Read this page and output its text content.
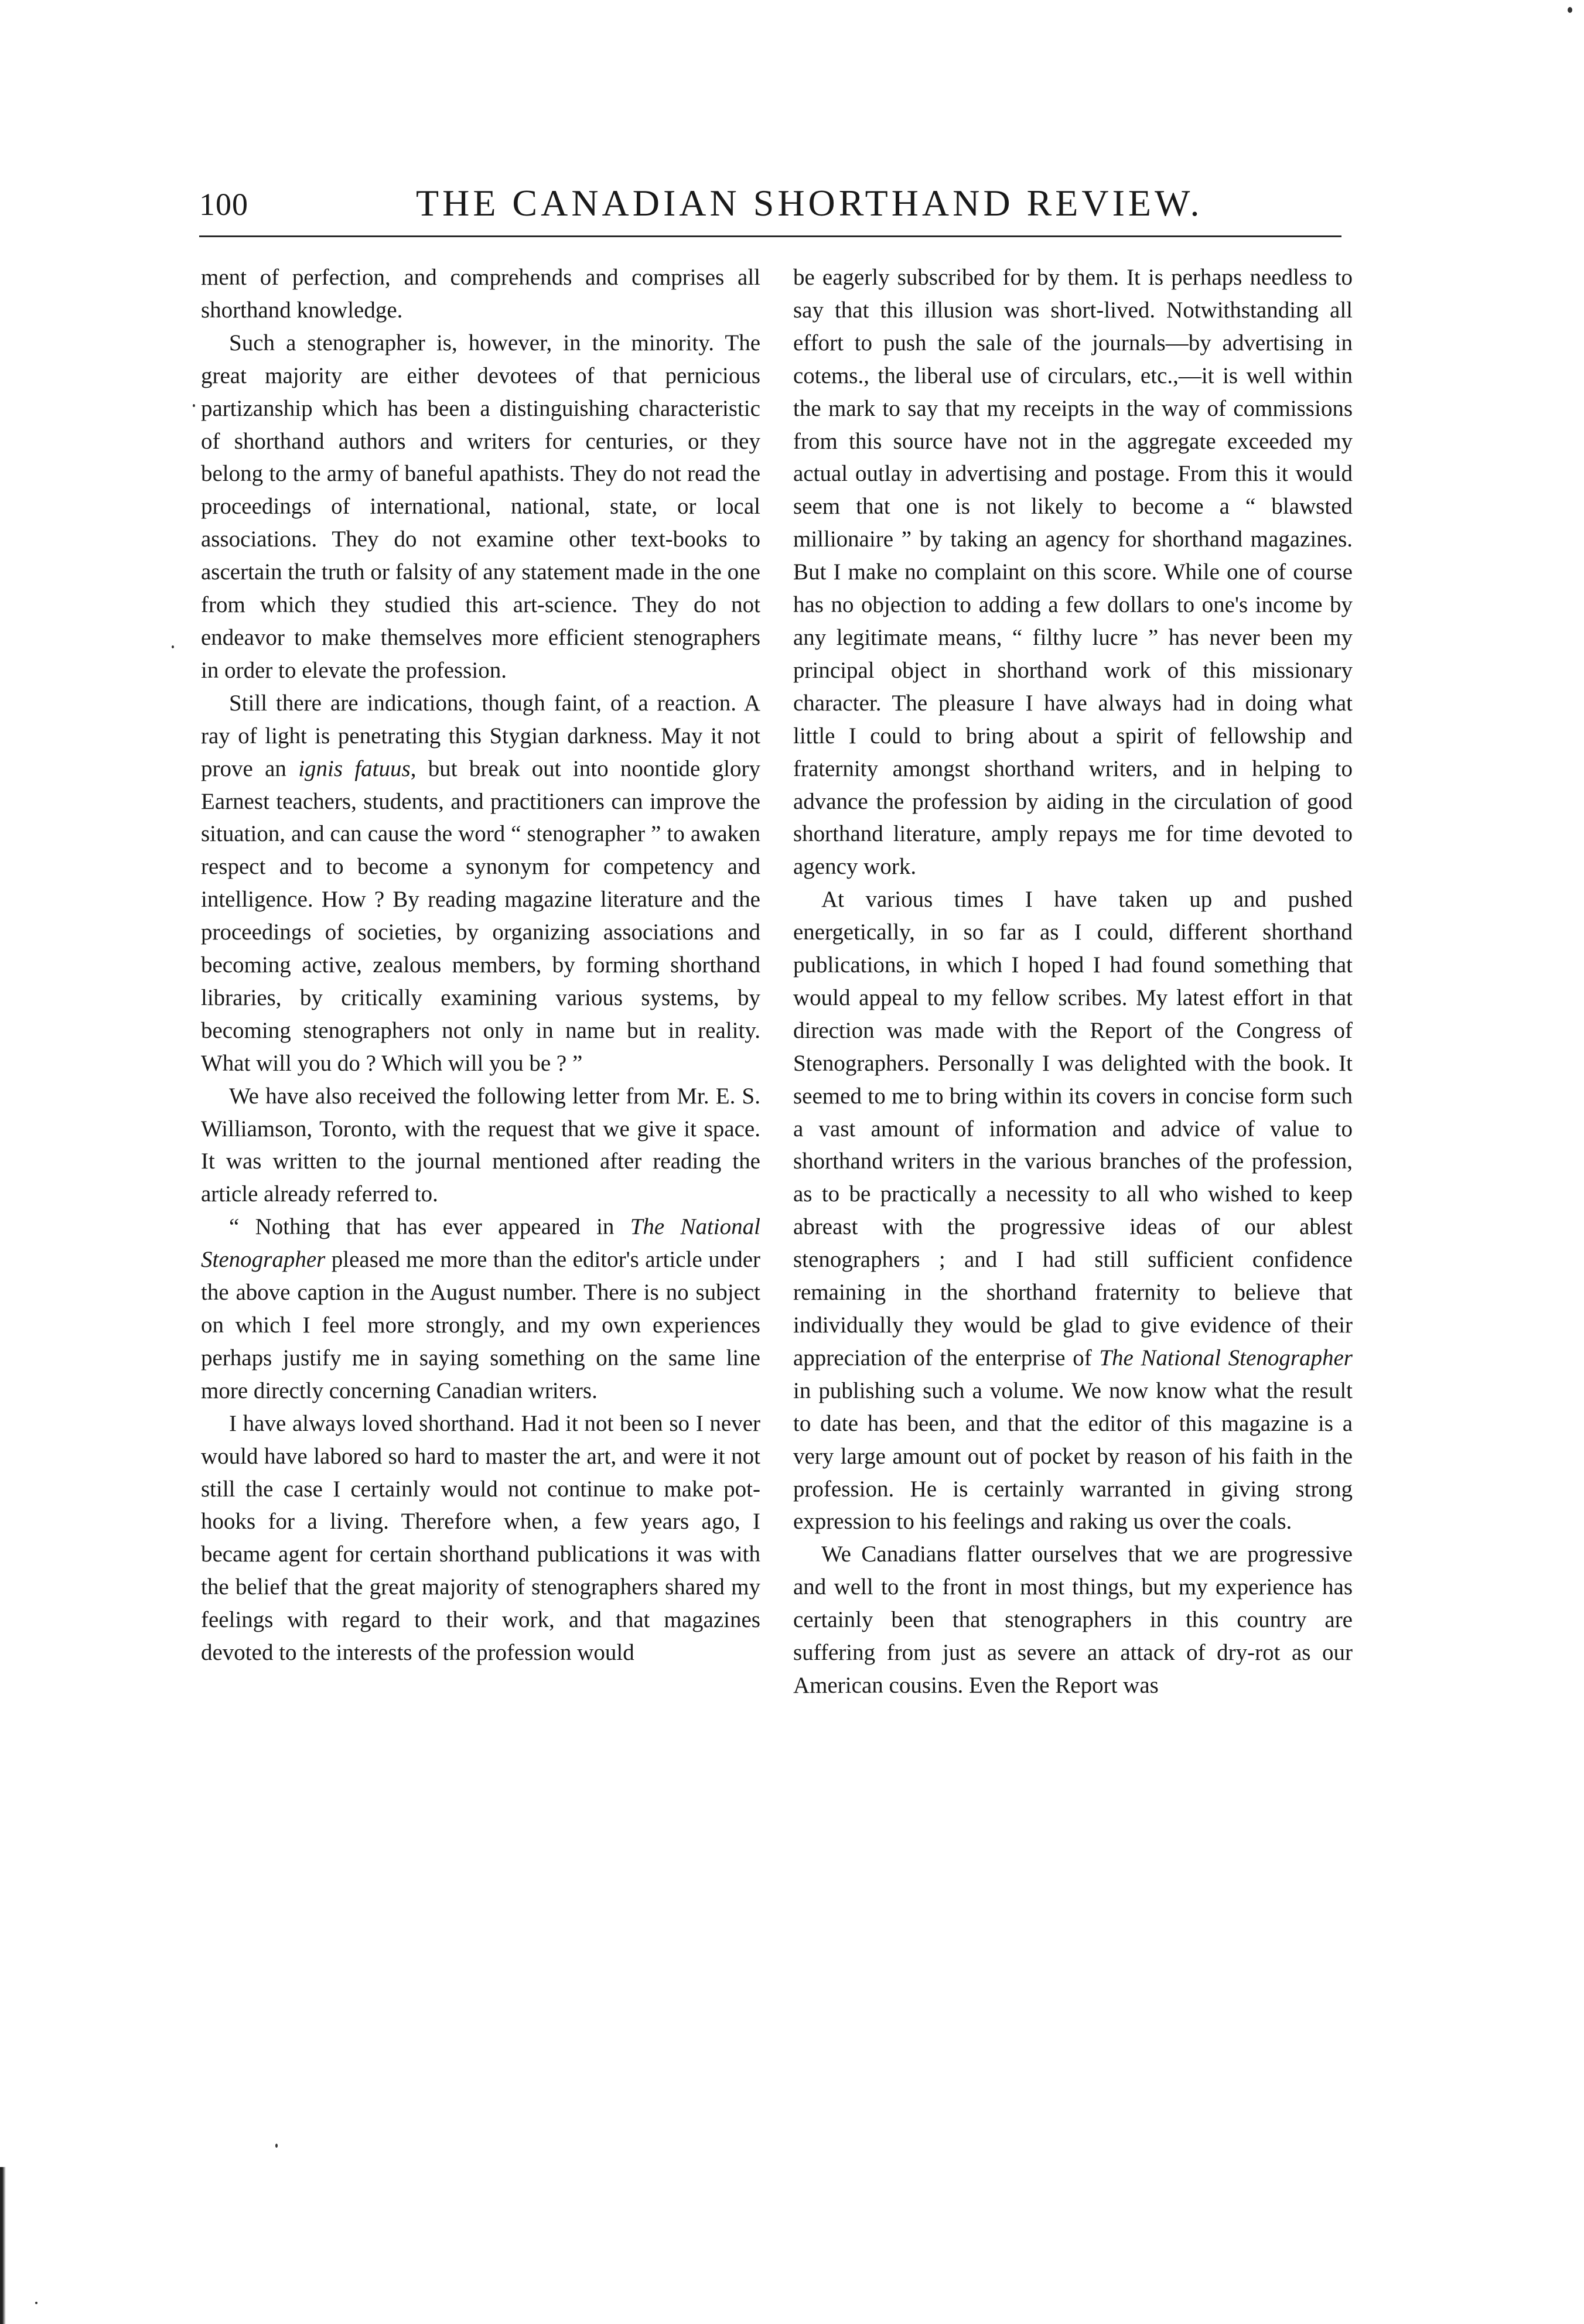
100	THE CANADIAN SHORTHAND REVIEW.

ment of perfection, and comprehends and comprises all shorthand knowledge.

Such a stenographer is, however, in the minority. The great majority are either devotees of that pernicious partizanship which has been a distinguishing characteristic of shorthand authors and writers for centuries, or they belong to the army of baneful apathists. They do not read the proceedings of international, national, state, or local associations. They do not examine other text-books to ascertain the truth or falsity of any statement made in the one from which they studied this art-science. They do not endeavor to make themselves more efficient stenographers in order to elevate the profession.

Still there are indications, though faint, of a reaction. A ray of light is penetrating this Stygian darkness. May it not prove an ignis fatuus, but break out into noontide glory Earnest teachers, students, and practitioners can improve the situation, and can cause the word “ stenographer ” to awaken respect and to become a synonym for competency and intelligence. How ? By reading magazine literature and the proceedings of societies, by organizing associations and becoming active, zealous members, by forming shorthand libraries, by critically examining various systems, by becoming stenographers not only in name but in reality. What will you do ? Which will you be ? ”

We have also received the following letter from Mr. E. S. Williamson, Toronto, with the request that we give it space. It was written to the journal mentioned after reading the article already referred to.

“ Nothing that has ever appeared in The National Stenographer pleased me more than the editor's article under the above caption in the August number. There is no subject on which I feel more strongly, and my own experiences perhaps justify me in saying something on the same line more directly concerning Canadian writers.

I have always loved shorthand. Had it not been so I never would have labored so hard to master the art, and were it not still the case I certainly would not continue to make pot-hooks for a living. Therefore when, a few years ago, I became agent for certain shorthand publications it was with the belief that the great majority of stenographers shared my feelings with regard to their work, and that magazines devoted to the interests of the profession would

be eagerly subscribed for by them. It is perhaps needless to say that this illusion was short-lived. Notwithstanding all effort to push the sale of the journals—by advertising in cotems., the liberal use of circulars, etc.,—it is well within the mark to say that my receipts in the way of commissions from this source have not in the aggregate exceeded my actual outlay in advertising and postage. From this it would seem that one is not likely to become a “ blawsted millionaire ” by taking an agency for shorthand magazines. But I make no complaint on this score. While one of course has no objection to adding a few dollars to one's income by any legitimate means, “ filthy lucre ” has never been my principal object in shorthand work of this missionary character. The pleasure I have always had in doing what little I could to bring about a spirit of fellowship and fraternity amongst shorthand writers, and in helping to advance the profession by aiding in the circulation of good shorthand literature, amply repays me for time devoted to agency work.

At various times I have taken up and pushed energetically, in so far as I could, different shorthand publications, in which I hoped I had found something that would appeal to my fellow scribes. My latest effort in that direction was made with the Report of the Congress of Stenographers. Personally I was delighted with the book. It seemed to me to bring within its covers in concise form such a vast amount of information and advice of value to shorthand writers in the various branches of the profession, as to be practically a necessity to all who wished to keep abreast with the progressive ideas of our ablest stenographers ; and I had still sufficient confidence remaining in the shorthand fraternity to believe that individually they would be glad to give evidence of their appreciation of the enterprise of The National Stenographer in publishing such a volume. We now know what the result to date has been, and that the editor of this magazine is a very large amount out of pocket by reason of his faith in the profession. He is certainly warranted in giving strong expression to his feelings and raking us over the coals.

We Canadians flatter ourselves that we are progressive and well to the front in most things, but my experience has certainly been that stenographers in this country are suffering from just as severe an attack of dry-rot as our American cousins. Even the Report was
